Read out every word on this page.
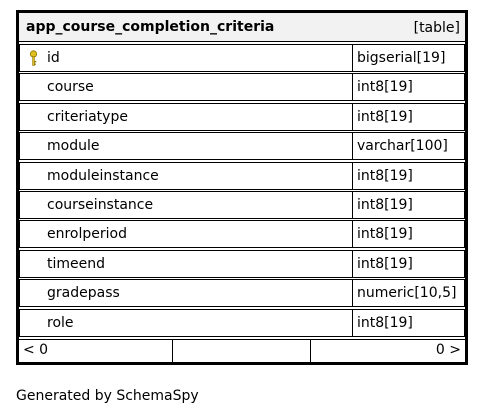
app_course_completion_criteria	[table]
id	bigserial[19]
course	int8[19]
criteriatype	int8[19]
module	varchar[100]
moduleinstance	int8[19]
courseinstance	int8[19]
enrolperiod	int8[19]
timeend	int8[19]
gradepass	numeric[10,5]
role	int8[19]
< 0	0 >
Generated by SchemaSpy
